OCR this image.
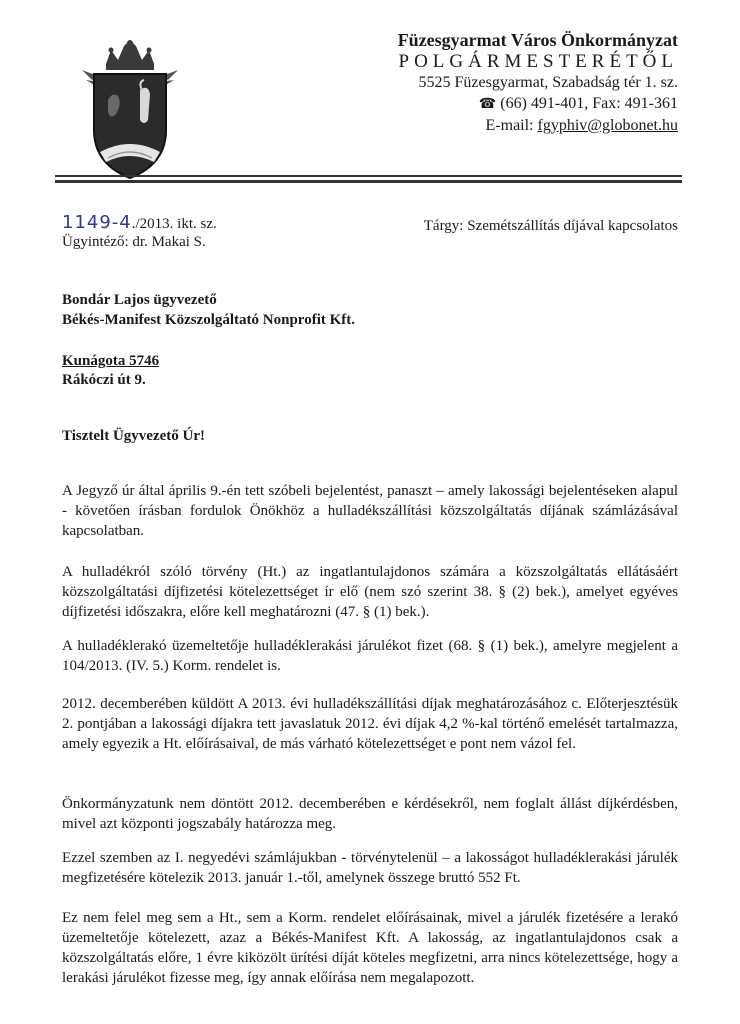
Füzesgyarmat Város Önkormányzat
POLGÁRMESTERÉTŐL
5525 Füzesgyarmat, Szabadság tér 1. sz.
☎ (66) 491-401, Fax: 491-361
E-mail: fgyphiv@globonet.hu
1149-4./2013. ikt. sz.
Ügyintéző: dr. Makai S.
Tárgy: Szemétszállítás díjával kapcsolatos
Bondár Lajos ügyvezető
Békés-Manifest Közszolgáltató Nonprofit Kft.
Kunágota 5746
Rákóczi út 9.
Tisztelt Ügyvezető Úr!

A Jegyző úr által április 9.-én tett szóbeli bejelentést, panaszt – amely lakossági bejelentéseken alapul - követően írásban fordulok Önökhöz a hulladékszállítási közszolgáltatás díjának számlázásával kapcsolatban.

A hulladékról szóló törvény (Ht.) az ingatlantulajdonos számára a közszolgáltatás ellátásáért közszolgáltatási díjfizetési kötelezettséget ír elő (nem szó szerint 38. § (2) bek.), amelyet egyéves díjfizetési időszakra, előre kell meghatározni (47. § (1) bek.).

A hulladéklerakó üzemeltetője hulladéklerakási járulékot fizet (68. § (1) bek.), amelyre megjelent a 104/2013. (IV. 5.) Korm. rendelet is.

2012. decemberében küldött A 2013. évi hulladékszállítási díjak meghatározásához c. Előterjesztésük 2. pontjában a lakossági díjakra tett javaslatuk 2012. évi díjak 4,2 %-kal történő emelését tartalmazza, amely egyezik a Ht. előírásaival, de más várható kötelezettséget e pont nem vázol fel.

Önkormányzatunk nem döntött 2012. decemberében e kérdésekről, nem foglalt állást díjkérdésben, mivel azt központi jogszabály határozza meg.

Ezzel szemben az I. negyedévi számlájukban - törvénytelenül – a lakosságot hulladéklerakási járulék megfizetésére kötelezik 2013. január 1.-től, amelynek összege bruttó 552 Ft.

Ez nem felel meg sem a Ht., sem a Korm. rendelet előírásainak, mivel a járulék fizetésére a lerakó üzemeltetője kötelezett, azaz a Békés-Manifest Kft. A lakosság, az ingatlantulajdonos csak a közszolgáltatás előre, 1 évre kiközölt ürítési díját köteles megfizetni, arra nincs kötelezettsége, hogy a lerakási járulékot fizesse meg, így annak előírása nem megalapozott.
